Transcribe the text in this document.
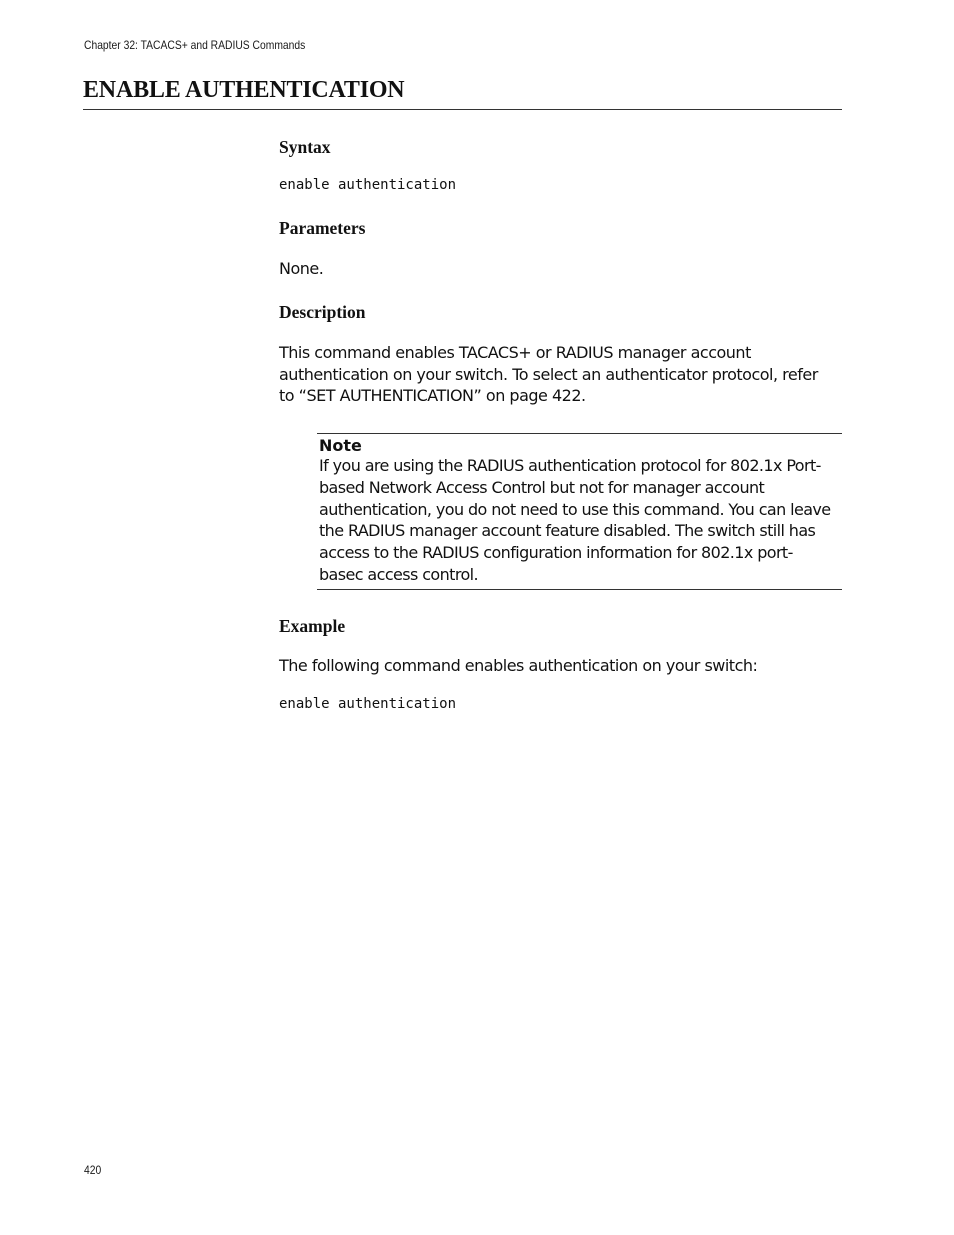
Chapter 32: TACACS+ and RADIUS Commands
ENABLE AUTHENTICATION
Syntax
enable authentication
Parameters

None.

Description

This command enables TACACS+ or RADIUS manager account
authentication on your switch. To select an authenticator protocol, refer
to “SET AUTHENTICATION” on page 422.

Note

If you are using the RADIUS authentication protocol for 802.1x Port-
based Network Access Control but not for manager account
authentication, you do not need to use this command. You can leave
the RADIUS manager account feature disabled. The switch still has
access to the RADIUS configuration information for 802.1x port-
basec access control.

Example

The following command enables authentication on your switch:

enable authentication
420
